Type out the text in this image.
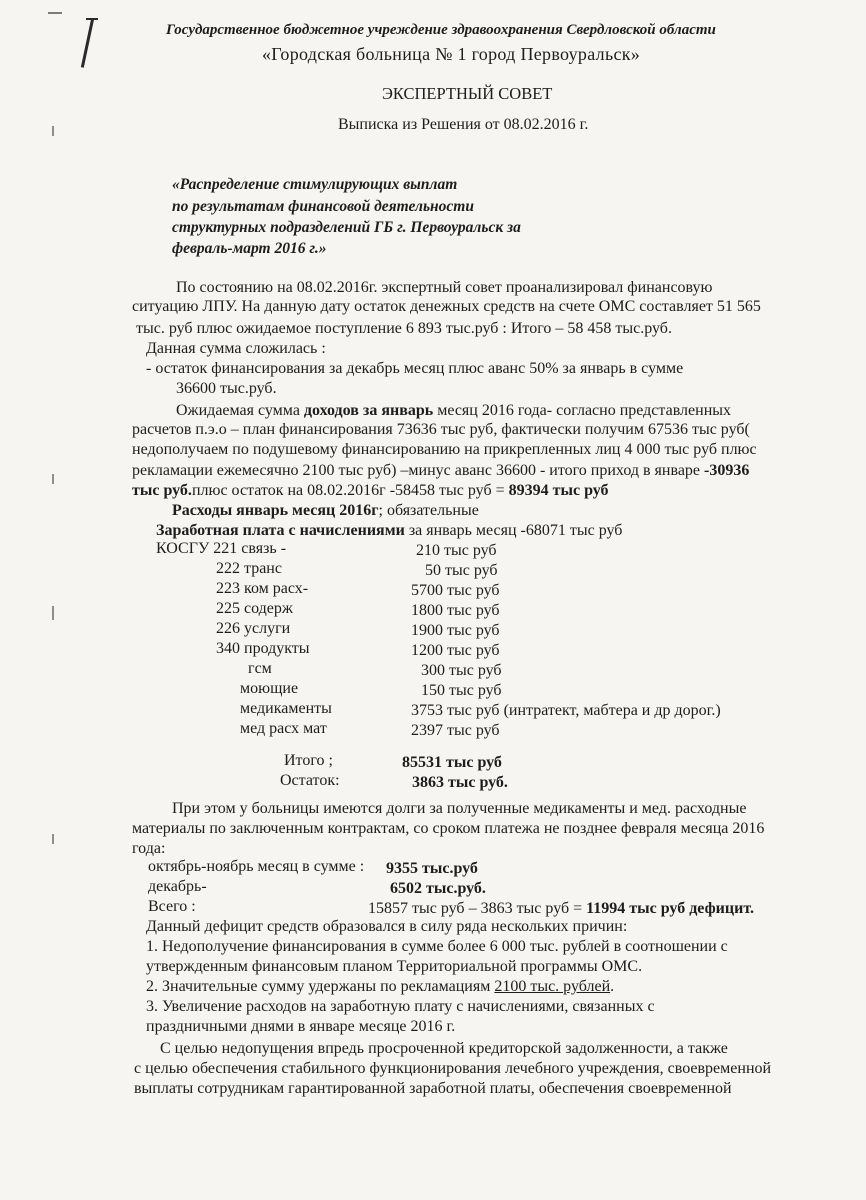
Государственное бюджетное учреждение здравоохранения Свердловской области
«Городская больница № 1 город Первоуральск»
ЭКСПЕРТНЫЙ СОВЕТ
Выписка из Решения от 08.02.2016 г.
«Распределение стимулирующих выплат
по результатам финансовой деятельности
структурных подразделений ГБ г. Первоуральск за
февраль-март 2016 г.»
По состоянию на 08.02.2016г. экспертный совет проанализировал финансовую
ситуацию ЛПУ. На данную дату остаток денежных средств на счете ОМС составляет 51 565
тыс. руб плюс ожидаемое поступление 6 893 тыс.руб : Итого – 58 458 тыс.руб.
Данная сумма сложилась :
- остаток финансирования за декабрь месяц плюс аванс 50% за январь в сумме
36600 тыс.руб.
Ожидаемая сумма доходов за январь месяц 2016 года- согласно представленных
расчетов п.э.о – план финансирования 73636 тыс руб, фактически получим 67536 тыс руб(
недополучаем по подушевому финансированию на прикрепленных лиц 4 000 тыс руб плюс
рекламации ежемесячно 2100 тыс руб) –минус аванс 36600 - итого приход в январе -30936
тыс руб.плюс остаток на 08.02.2016г -58458 тыс руб = 89394 тыс руб
Расходы январь месяц 2016г; обязательные
Заработная плата с начислениями за январь месяц -68071 тыс руб
КОСГУ 221 связь -	210 тыс руб
222 транс	50 тыс руб
223 ком расх-	5700 тыс руб
225 содерж	1800 тыс руб
226 услуги	1900 тыс руб
340 продукты	1200 тыс руб
гсм	300 тыс руб
моющие	150 тыс руб
медикаменты	3753 тыс руб (интратект, мабтера и др дорог.)
мед расх мат	2397 тыс руб
Итого ;	85531 тыс руб
Остаток:	3863 тыс руб.
При этом у больницы имеются долги за полученные медикаменты и мед. расходные
материалы по заключенным контрактам, со сроком платежа не позднее февраля месяца 2016
года:
октябрь-ноябрь месяц в сумме : 9355 тыс.руб
декабрь-	6502 тыс.руб.
Всего :	15857 тыс руб – 3863 тыс руб = 11994 тыс руб дефицит.
Данный дефицит средств образовался в силу ряда нескольких причин:
1. Недополучение финансирования в сумме более 6 000 тыс. рублей в соотношении с
утвержденным финансовым планом Территориальной программы ОМС.
2. Значительные сумму удержаны по рекламациям 2100 тыс. рублей.
3. Увеличение расходов на заработную плату с начислениями, связанных с
праздничными днями в январе месяце 2016 г.
С целью недопущения впредь просроченной кредиторской задолженности, а также
с целью обеспечения стабильного функционирования лечебного учреждения, своевременной
выплаты сотрудникам гарантированной заработной платы, обеспечения своевременной
